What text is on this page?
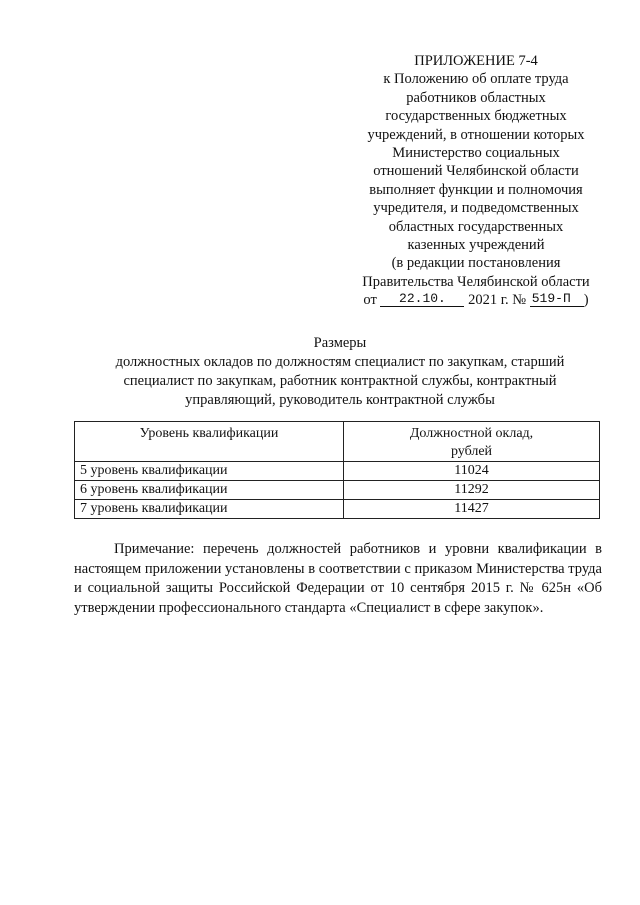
ПРИЛОЖЕНИЕ 7-4
к Положению об оплате труда
работников областных
государственных бюджетных
учреждений, в отношении которых
Министерство социальных
отношений Челябинской области
выполняет функции и полномочия
учредителя, и подведомственных
областных государственных
казенных учреждений
(в редакции постановления
Правительства Челябинской области
от 22.10. 2021 г. № 519-П )
Размеры
должностных окладов по должностям специалист по закупкам, старший
специалист по закупкам, работник контрактной службы, контрактный
управляющий, руководитель контрактной службы
Уровень квалификации	Должностной оклад,
рублей
5 уровень квалификации	11024
6 уровень квалификации	11292
7 уровень квалификации	11427
Примечание: перечень должностей работников и уровни квалификации в настоящем приложении установлены в соответствии с приказом Министерства труда и социальной защиты Российской Федерации от 10 сентября 2015 г. № 625н «Об утверждении профессионального стандарта «Специалист в сфере закупок».
